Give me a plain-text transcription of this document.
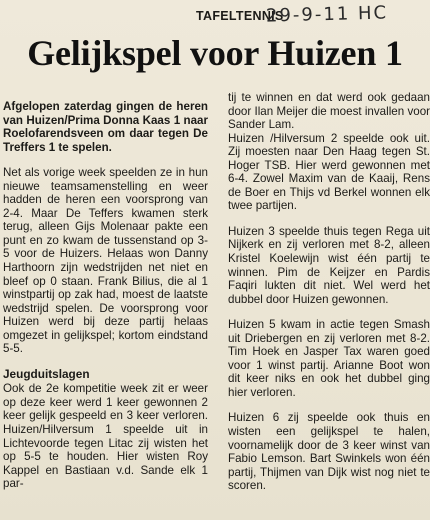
TAFELTENNIS
29-9-11 HC
Gelijkspel voor Huizen 1

Afgelopen zaterdag gingen de heren van Huizen/Prima Donna Kaas 1 naar Roelofarendsveen om daar tegen De Treffers 1 te spelen.

Net als vorige week speelden ze in hun nieuwe teamsamenstelling en weer hadden de heren een voorsprong van 2-4. Maar De Teffers kwamen sterk terug, alleen Gijs Molenaar pakte een punt en zo kwam de tussenstand op 3-5 voor de Huizers. Helaas won Danny Harthoorn zijn wedstrijden net niet en bleef op 0 staan. Frank Bilius, die al 1 winstpartij op zak had, moest de laatste wedstrijd spelen. De voorsprong voor Huizen werd bij deze partij helaas omgezet in gelijkspel; kortom eindstand 5-5.

Jeugduitslagen

Ook de 2e kompetitie week zit er weer op deze keer werd 1 keer gewonnen 2 keer gelijk gespeeld en 3 keer verloren. Huizen/Hilversum 1 speelde uit in Lichtevoorde tegen Litac zij wisten het op 5-5 te houden. Hier wisten Roy Kappel en Bastiaan v.d. Sande elk 1 par-

tij te winnen en dat werd ook gedaan door Ilan Meijer die moest invallen voor Sander Lam.

Huizen /Hilversum 2 speelde ook uit. Zij moesten naar Den Haag tegen St. Hoger TSB. Hier werd gewonnen met 6-4. Zowel Maxim van de Kaaij, Rens de Boer en Thijs vd Berkel wonnen elk twee partijen.

Huizen 3 speelde thuis tegen Rega uit Nijkerk en zij verloren met 8-2, alleen Kristel Koelewijn wist één partij te winnen. Pim de Keijzer en Pardis Faqiri lukten dit niet. Wel werd het dubbel door Huizen gewonnen.

Huizen 5 kwam in actie tegen Smash uit Driebergen en zij verloren met 8-2. Tim Hoek en Jasper Tax waren goed voor 1 winst partij. Arianne Boot won dit keer niks en ook het dubbel ging hier verloren.

Huizen 6 zij speelde ook thuis en wisten een gelijkspel te halen, voornamelijk door de 3 keer winst van Fabio Lemson. Bart Swinkels won één partij, Thijmen van Dijk wist nog niet te scoren.
